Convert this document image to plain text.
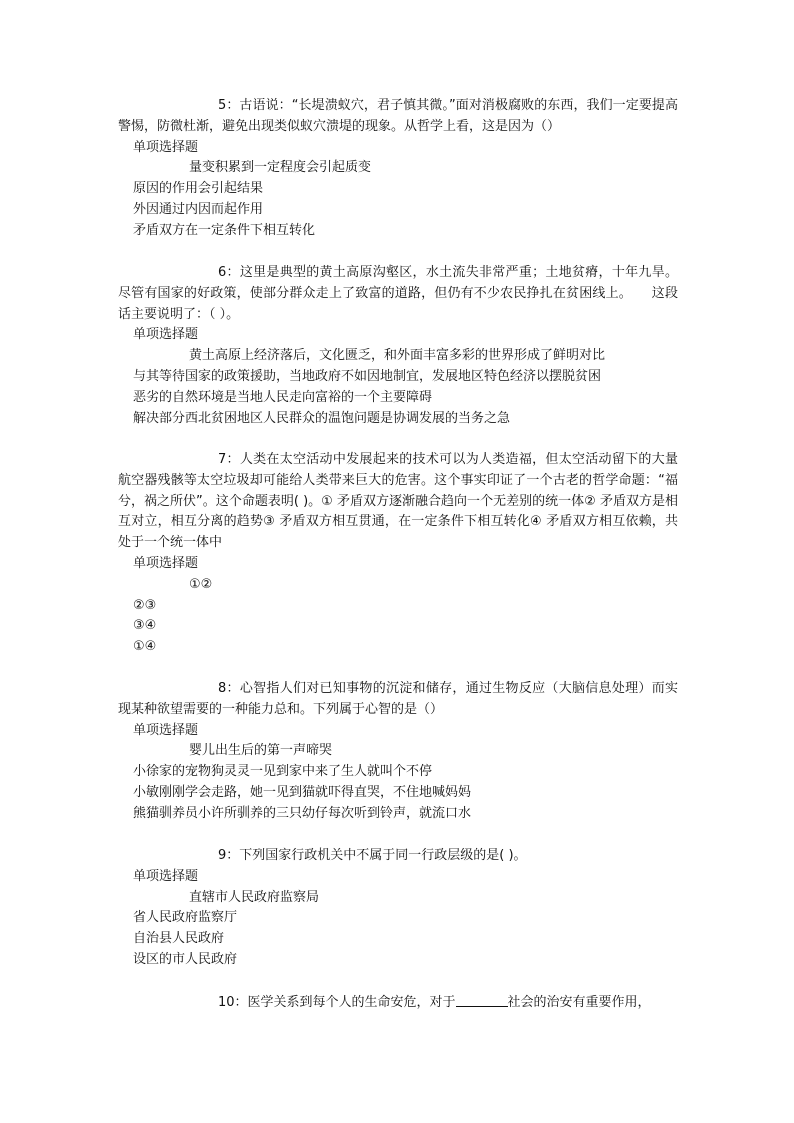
5：古语说：“长堤溃蚁穴，君子慎其微。”面对消极腐败的东西，我们一定要提高警惕，防微杜渐，避免出现类似蚁穴溃堤的现象。从哲学上看，这是因为（）

单项选择题

量变积累到一定程度会引起质变
原因的作用会引起结果
外因通过内因而起作用
矛盾双方在一定条件下相互转化

6：这里是典型的黄土高原沟壑区，水土流失非常严重；土地贫瘠，十年九旱。尽管有国家的好政策，使部分群众走上了致富的道路，但仍有不少农民挣扎在贫困线上。　　这段话主要说明了：（ ）。

单项选择题

黄土高原上经济落后，文化匮乏，和外面丰富多彩的世界形成了鲜明对比
与其等待国家的政策援助，当地政府不如因地制宜，发展地区特色经济以摆脱贫困
恶劣的自然环境是当地人民走向富裕的一个主要障碍
解决部分西北贫困地区人民群众的温饱问题是协调发展的当务之急

7：人类在太空活动中发展起来的技术可以为人类造福，但太空活动留下的大量航空器残骸等太空垃圾却可能给人类带来巨大的危害。这个事实印证了一个古老的哲学命题：“福兮，祸之所伏”。这个命题表明( )。① 矛盾双方逐渐融合趋向一个无差别的统一体② 矛盾双方是相互对立，相互分离的趋势③ 矛盾双方相互贯通，在一定条件下相互转化④ 矛盾双方相互依赖，共处于一个统一体中

单项选择题

①②
②③
③④
①④

8：心智指人们对已知事物的沉淀和储存，通过生物反应（大脑信息处理）而实现某种欲望需要的一种能力总和。下列属于心智的是（）

单项选择题

婴儿出生后的第一声啼哭
小徐家的宠物狗灵灵一见到家中来了生人就叫个不停
小敏刚刚学会走路，她一见到猫就吓得直哭，不住地喊妈妈
熊猫驯养员小许所驯养的三只幼仔每次听到铃声，就流口水

9：下列国家行政机关中不属于同一行政层级的是( )。

单项选择题

直辖市人民政府监察局
省人民政府监察厅
自治县人民政府
设区的市人民政府

10：医学关系到每个人的生命安危，对于	社会的治安有重要作用，
